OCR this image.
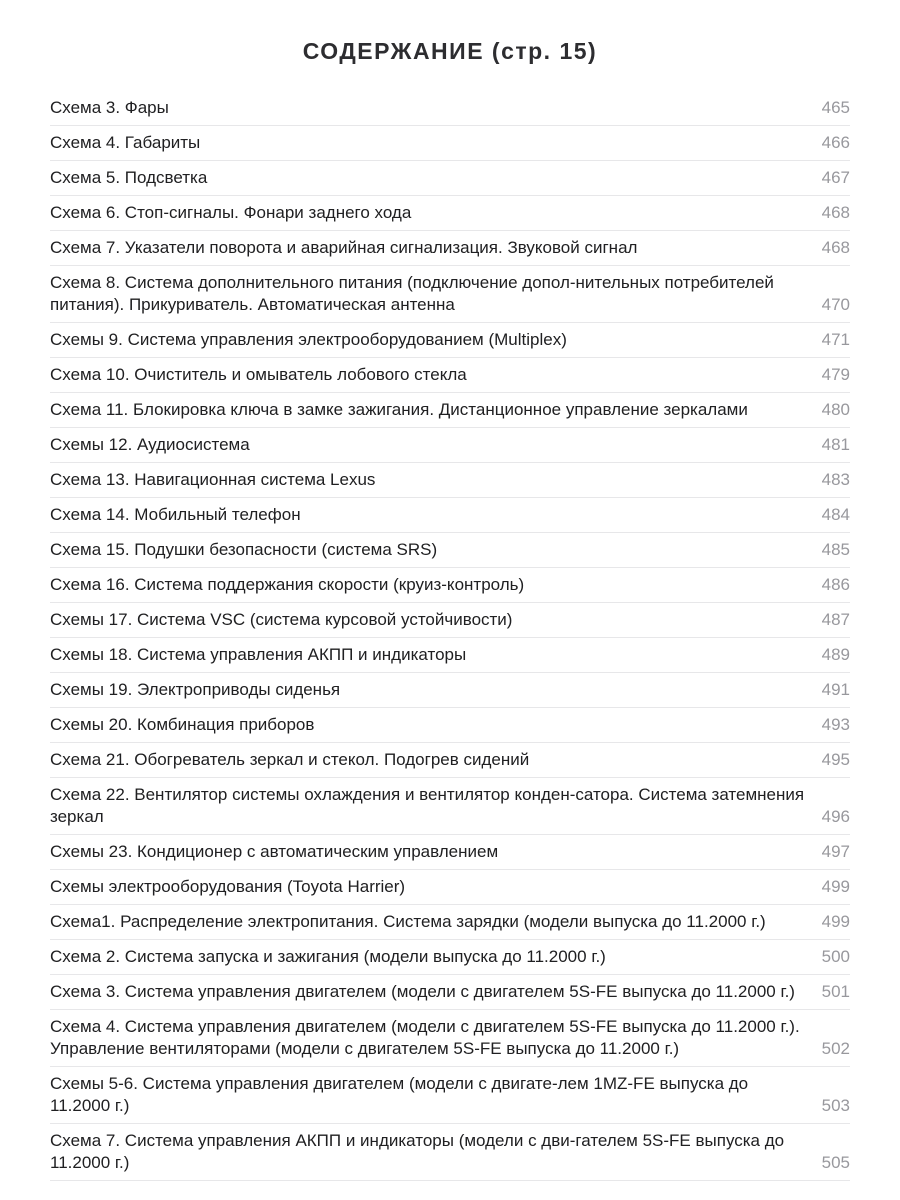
СОДЕРЖАНИЕ (стр. 15)
Схема 3. Фары	465
Схема 4. Габариты	466
Схема 5. Подсветка	467
Схема 6. Стоп-сигналы. Фонари заднего хода	468
Схема 7. Указатели поворота и аварийная сигнализация. Звуковой сигнал	468
Схема 8. Система дополнительного питания (подключение допол-нительных потребителей питания). Прикуриватель. Автоматическая антенна	470
Схемы 9. Система управления электрооборудованием (Multiplex)	471
Схема 10. Очиститель и омыватель лобового стекла	479
Схема 11. Блокировка ключа в замке зажигания. Дистанционное управление зеркалами	480
Схемы 12. Аудиосистема	481
Схема 13. Навигационная система Lexus	483
Схема 14. Мобильный телефон	484
Схема 15. Подушки безопасности (система SRS)	485
Схема 16. Система поддержания скорости (круиз-контроль)	486
Схемы 17. Система VSC (система курсовой устойчивости)	487
Схемы 18. Система управления АКПП и индикаторы	489
Схемы 19. Электроприводы сиденья	491
Схемы 20. Комбинация приборов	493
Схема 21. Обогреватель зеркал и стекол. Подогрев сидений	495
Схема 22. Вентилятор системы охлаждения и вентилятор конден-сатора. Система затемнения зеркал	496
Схемы 23. Кондиционер с автоматическим управлением	497
Схемы электрооборудования (Toyota Harrier)	499
Схема1. Распределение электропитания. Система зарядки (модели выпуска до 11.2000 г.)	499
Схема 2. Система запуска и зажигания (модели выпуска до 11.2000 г.)	500
Схема 3. Система управления двигателем (модели с двигателем 5S-FE выпуска до 11.2000 г.)	501
Схема 4. Система управления двигателем (модели с двигателем 5S-FE выпуска до 11.2000 г.). Управление вентиляторами (модели с двигателем 5S-FE выпуска до 11.2000 г.)	502
Схемы 5-6. Система управления двигателем (модели с двигате-лем 1MZ-FE выпуска до 11.2000 г.)	503
Схема 7. Система управления АКПП и индикаторы (модели с дви-гателем 5S-FE выпуска до 11.2000 г.)	505
